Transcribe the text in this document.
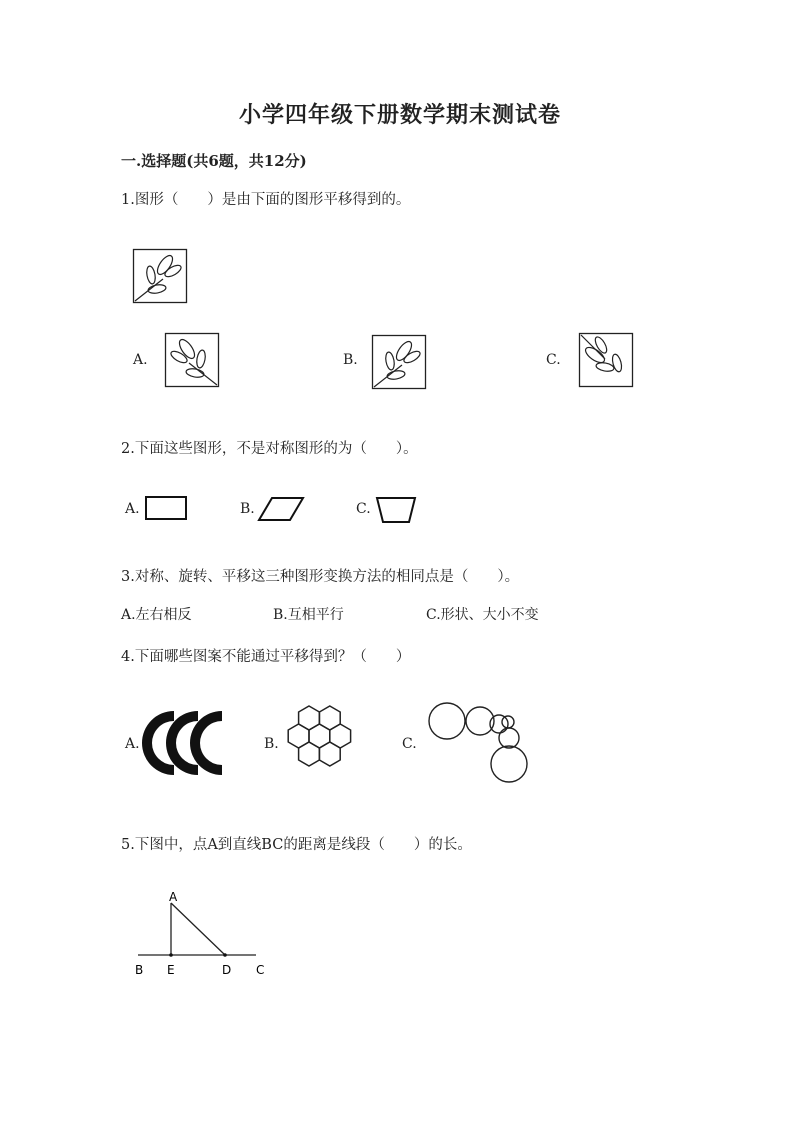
小学四年级下册数学期末测试卷
一.选择题(共6题，共12分)
1.图形（　　）是由下面的图形平移得到的。
A.	B.	C.
2.下面这些图形，不是对称图形的为（　　）。
A.	B.	C.
3.对称、旋转、平移这三种图形变换方法的相同点是（　　）。
A.左右相反	B.互相平行	C.形状、大小不变
4.下面哪些图案不能通过平移得到？（　　）
A.	B.	C.
5.下图中，点A到直线BC的距离是线段（　　）的长。
A
B E	D C
